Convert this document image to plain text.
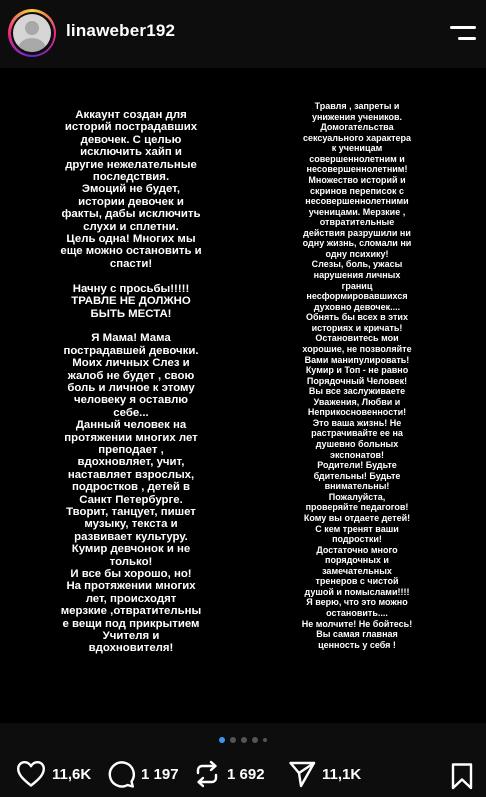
linaweber192
Аккаунт создан для
историй пострадавших
девочек. С целью
исключить хайп и
другие нежелательные
последствия.
Эмоций не будет,
истории девочек и
факты, дабы исключить
слухи и сплетни.
Цель одна! Многих мы
еще можно остановить и
спасти!

Начну с просьбы!!!!!
ТРАВЛЕ НЕ ДОЛЖНО
БЫТЬ МЕСТА!

Я Мама! Мама
пострадавшей девочки.
Моих личных Слез и
жалоб не будет , свою
боль и личное к этому
человеку я оставлю
себе...
Данный человек на
протяжении многих лет
преподает ,
вдохновляет, учит,
наставляет взрослых,
подростков , детей в
Санкт Петербурге.
Творит, танцует, пишет
музыку, текста и
развивает культуру.
Кумир девчонок и не
только!
И все бы хорошо, но!
На протяжении многих
лет, происходят
мерзкие ,отвратительны
е вещи под прикрытием
Учителя и
вдохновителя!
Травля , запреты и
унижения учеников.
Домогательства
сексуального характера
к ученицам
совершеннолетним и
несовершеннолетним!
Множество историй и
скринов переписок с
несовершеннолетними
ученицами. Мерзкие ,
отвратительные
действия разрушили ни
одну жизнь, сломали ни
одну психику!
Слезы, боль, ужасы
нарушения личных
границ
несформировавшихся
духовно девочек....
Обнять бы всех в этих
историях и кричать!
Остановитесь мои
хорошие, не позволяйте
Вами манипулировать!
Кумир и Топ - не равно
Порядочный Человек!
Вы все заслуживаете
Уважения, Любви и
Неприкосновенности!
Это ваша жизнь! Не
растрачивайте ее на
душевно больных
экспонатов!
Родители! Будьте
бдительны! Будьте
внимательны!
Пожалуйста,
проверяйте педагогов!
Кому вы отдаете детей!
С кем тренят ваши
подростки!
Достаточно много
порядочных и
замечательных
тренеров с чистой
душой и помыслами!!!!
Я верю, что это можно
остановить....
Не молчите! Не бойтесь!
Вы самая главная
ценность у себя !
11,6K	1 197	1 692	11,1K
